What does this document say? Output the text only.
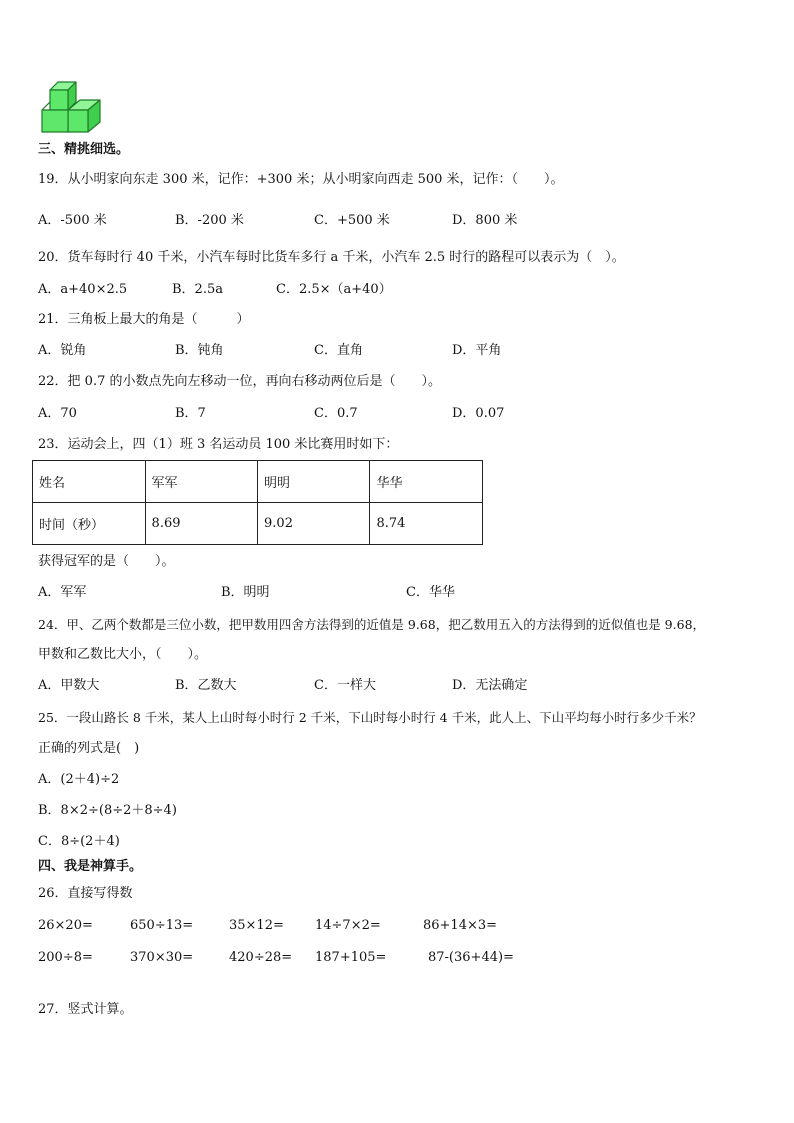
三、精挑细选。
19．从小明家向东走 300 米，记作：+300 米；从小明家向西走 500 米，记作：（　　）。
A．-500 米	B．-200 米	C．+500 米	D．800 米
20．货车每时行 40 千米，小汽车每时比货车多行 a 千米，小汽车 2.5 时行的路程可以表示为（　）。
A．a+40×2.5	B．2.5a	C．2.5×（a+40）
21．三角板上最大的角是（　　　）
A．锐角	B．钝角	C．直角	D．平角
22．把 0.7 的小数点先向左移动一位，再向右移动两位后是（　　）。
A．70	B．7	C．0.7	D．0.07
23．运动会上，四（1）班 3 名运动员 100 米比赛用时如下：
姓名	军军	明明	华华
时间（秒）	8.69	9.02	8.74
获得冠军的是（　　）。
A．军军	B．明明	C．华华
24．甲、乙两个数都是三位小数，把甲数用四舍方法得到的近值是 9.68，把乙数用五入的方法得到的近似值也是 9.68，
甲数和乙数比大小，（　　）。
A．甲数大	B．乙数大	C．一样大	D．无法确定
25．一段山路长 8 千米，某人上山时每小时行 2 千米，下山时每小时行 4 千米，此人上、下山平均每小时行多少千米？
正确的列式是(　)
A．(2＋4)÷2
B．8×2÷(8÷2＋8÷4)
C．8÷(2＋4)
四、我是神算手。
26．直接写得数
26×20=	650÷13=	35×12= 14÷7×2=	86+14×3=
200÷8=	370×30=	420÷28= 187+105=	87-(36+44)=
27．竖式计算。
